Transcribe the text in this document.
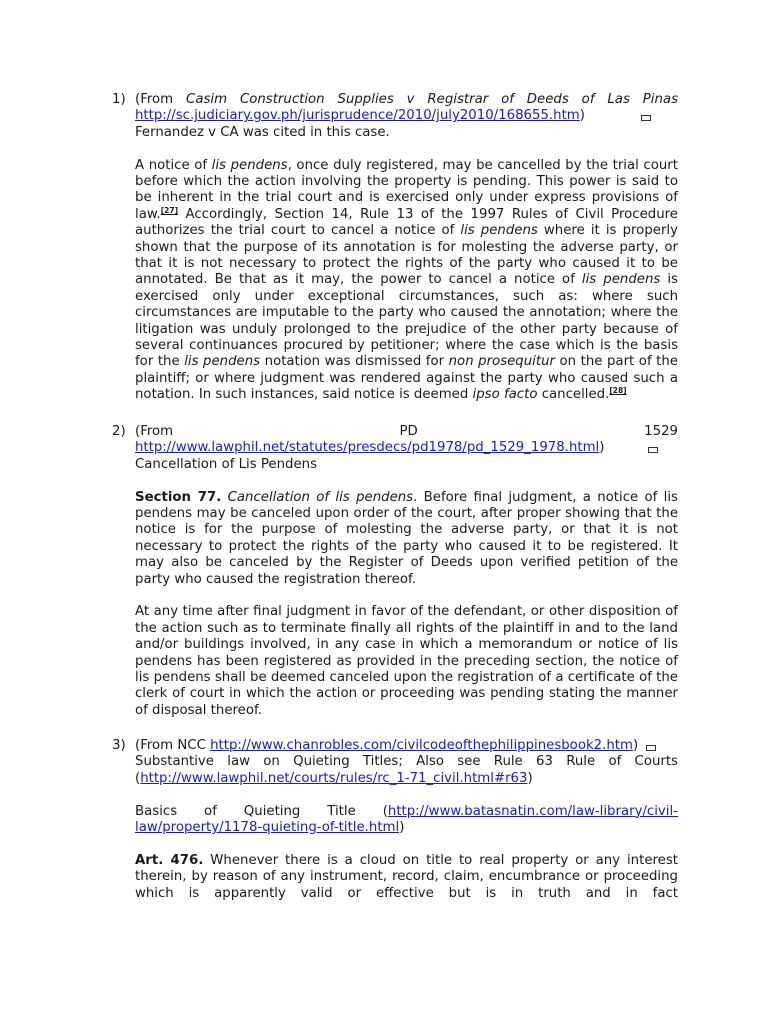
1) (From Casim Construction Supplies v Registrar of Deeds of Las Pinas

http://sc.judiciary.gov.ph/jurisprudence/2010/july2010/168655.htm)

Fernandez v CA was cited in this case.

A notice of lis pendens, once duly registered, may be cancelled by the trial court before which the action involving the property is pending. This power is said to be inherent in the trial court and is exercised only under express provisions of law.[27] Accordingly, Section 14, Rule 13 of the 1997 Rules of Civil Procedure authorizes the trial court to cancel a notice of lis pendens where it is properly shown that the purpose of its annotation is for molesting the adverse party, or that it is not necessary to protect the rights of the party who caused it to be annotated. Be that as it may, the power to cancel a notice of lis pendens is exercised only under exceptional circumstances, such as: where such circumstances are imputable to the party who caused the annotation; where the litigation was unduly prolonged to the prejudice of the other party because of several continuances procured by petitioner; where the case which is the basis for the lis pendens notation was dismissed for non prosequitur on the part of the plaintiff; or where judgment was rendered against the party who caused such a notation. In such instances, said notice is deemed ipso facto cancelled.[28]

2) (From	PD	1529

http://www.lawphil.net/statutes/presdecs/pd1978/pd_1529_1978.html)

Cancellation of Lis Pendens

Section 77. Cancellation of lis pendens. Before final judgment, a notice of lis pendens may be canceled upon order of the court, after proper showing that the notice is for the purpose of molesting the adverse party, or that it is not necessary to protect the rights of the party who caused it to be registered. It may also be canceled by the Register of Deeds upon verified petition of the party who caused the registration thereof.

At any time after final judgment in favor of the defendant, or other disposition of the action such as to terminate finally all rights of the plaintiff in and to the land and/or buildings involved, in any case in which a memorandum or notice of lis pendens has been registered as provided in the preceding section, the notice of lis pendens shall be deemed canceled upon the registration of a certificate of the clerk of court in which the action or proceeding was pending stating the manner of disposal thereof.

3) (From NCC http://www.chanrobles.com/civilcodeofthephilippinesbook2.htm)

Substantive law on Quieting Titles; Also see Rule 63 Rule of Courts

(http://www.lawphil.net/courts/rules/rc_1-71_civil.html#r63)

Basics of Quieting Title (http://www.batasnatin.com/law-library/civil-law/property/1178-quieting-of-title.html)

Art. 476. Whenever there is a cloud on title to real property or any interest therein, by reason of any instrument, record, claim, encumbrance or proceeding which is apparently valid or effective but is in truth and in fact
